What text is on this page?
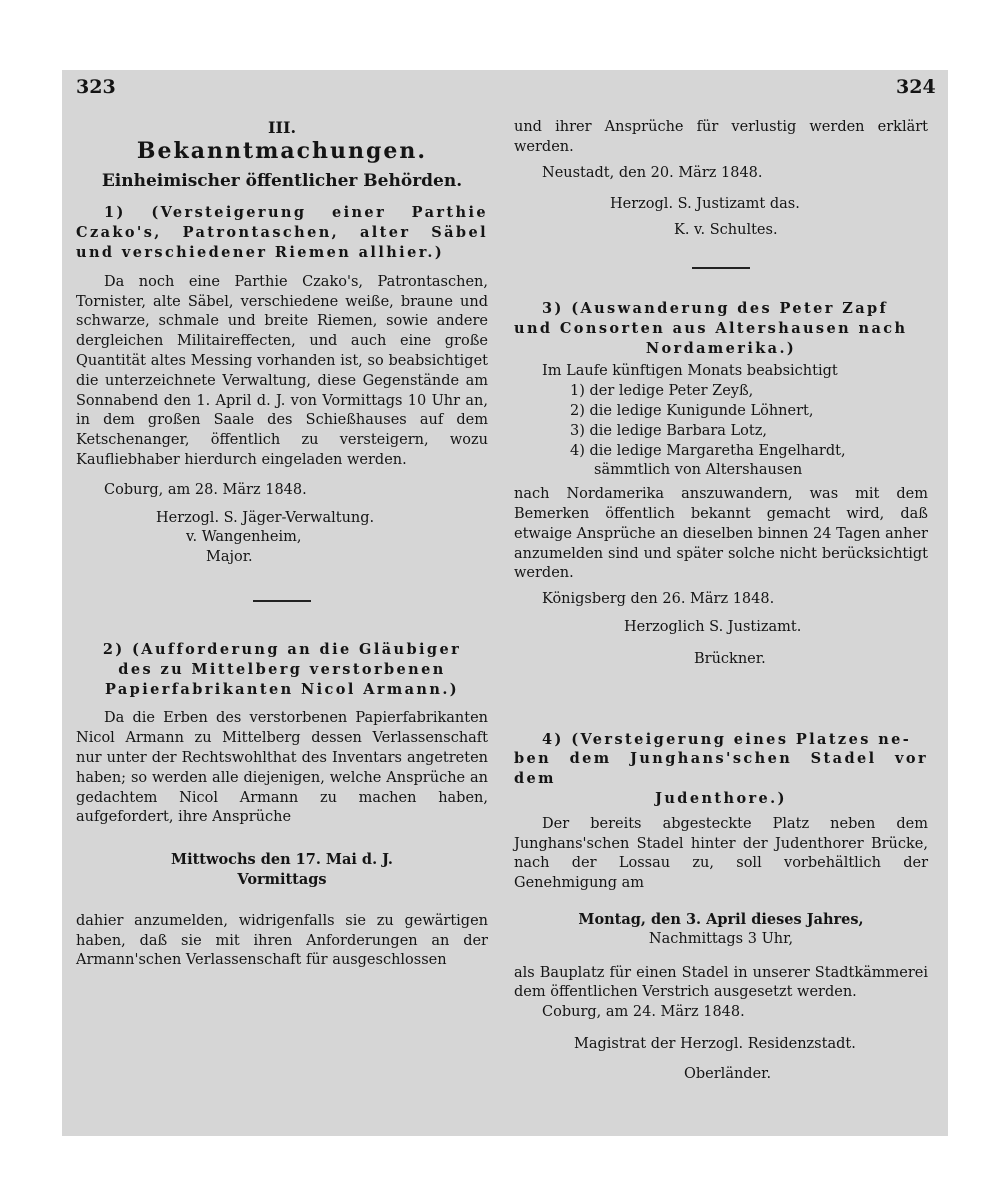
323	324

III.

Bekanntmachungen.

Einheimischer öffentlicher Behörden.

1) (Versteigerung einer Parthie Czako's, Patrontaschen, alter Säbel und verschiedener Riemen allhier.)

Da noch eine Parthie Czako's, Patrontaschen, Tornister, alte Säbel, verschiedene weiße, braune und schwarze, schmale und breite Riemen, sowie andere dergleichen Militaireffecten, und auch eine große Quantität altes Messing vorhanden ist, so beabsichtiget die unterzeichnete Verwaltung, diese Gegenstände am Sonnabend den 1. April d. J. von Vormittags 10 Uhr an, in dem großen Saale des Schießhauses auf dem Ketschenanger, öffentlich zu versteigern, wozu Kaufliebhaber hierdurch eingeladen werden.

Coburg, am 28. März 1848.

Herzogl. S. Jäger-Verwaltung.

v. Wangenheim,

Major.

2) (Aufforderung an die Gläubiger

des zu Mittelberg verstorbenen Papierfabrikanten Nicol Armann.)

Da die Erben des verstorbenen Papierfabrikanten Nicol Armann zu Mittelberg dessen Verlassenschaft nur unter der Rechtswohlthat des Inventars angetreten haben; so werden alle diejenigen, welche Ansprüche an gedachtem Nicol Armann zu machen haben, aufgefordert, ihre Ansprüche

Mittwochs den 17. Mai d. J.

Vormittags

dahier anzumelden, widrigenfalls sie zu gewärtigen haben, daß sie mit ihren Anforderungen an der Armann'schen Verlassenschaft für ausgeschlossen

und ihrer Ansprüche für verlustig werden erklärt werden.

Neustadt, den 20. März 1848.

Herzogl. S. Justizamt das.

K. v. Schultes.

3) (Auswanderung des Peter Zapf

und Consorten aus Altershausen nach

Nordamerika.)

Im Laufe künftigen Monats beabsichtigt

1) der ledige Peter Zeyß,

2) die ledige Kunigunde Löhnert,

3) die ledige Barbara Lotz,

4) die ledige Margaretha Engelhardt,

sämmtlich von Altershausen

nach Nordamerika anszuwandern, was mit dem Bemerken öffentlich bekannt gemacht wird, daß etwaige Ansprüche an dieselben binnen 24 Tagen anher anzumelden sind und später solche nicht berücksichtigt werden.

Königsberg den 26. März 1848.

Herzoglich S. Justizamt.

Brückner.

4) (Versteigerung eines Platzes ne-

ben dem Junghans'schen Stadel vor dem

Judenthore.)

Der bereits abgesteckte Platz neben dem Junghans'schen Stadel hinter der Judenthorer Brücke, nach der Lossau zu, soll vorbehältlich der Genehmigung am

Montag, den 3. April dieses Jahres,

Nachmittags 3 Uhr,

als Bauplatz für einen Stadel in unserer Stadtkämmerei dem öffentlichen Verstrich ausgesetzt werden.

Coburg, am 24. März 1848.

Magistrat der Herzogl. Residenzstadt.

Oberländer.
